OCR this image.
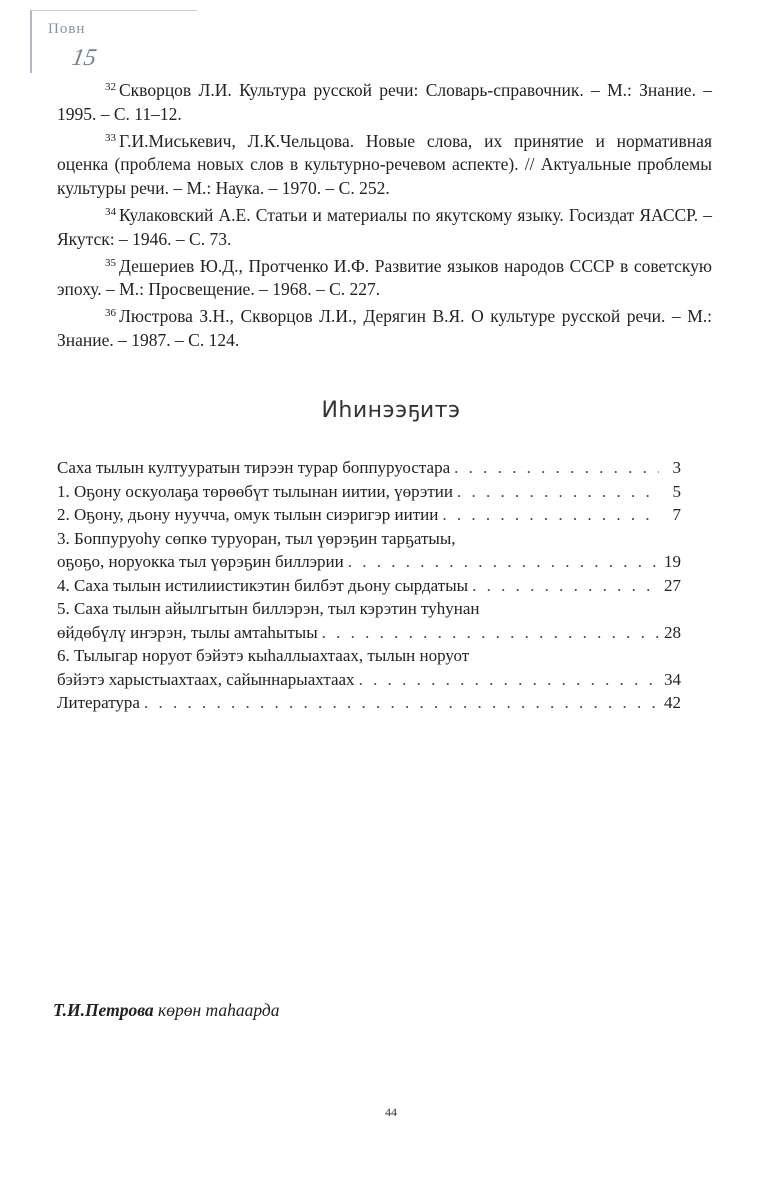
Повн
15

$^{32}$ Скворцов Л.И. Культура русской речи: Словарь-справочник. – М.: Знание. – 1995. – С. 11–12.

$^{33}$ Г.И.Миськевич, Л.К.Чельцова. Новые слова, их принятие и нормативная оценка (проблема новых слов в культурно-речевом аспекте). // Актуальные проблемы культуры речи. – М.: Наука. – 1970. – С. 252.

$^{34}$ Кулаковский А.Е. Статьи и материалы по якутскому языку. Госиздат ЯАССР. – Якутск: – 1946. – С. 73.

$^{35}$ Дешериев Ю.Д., Протченко И.Ф. Развитие языков народов СССР в советскую эпоху. – М.: Просвещение. – 1968. – С. 227.

$^{36}$ Люстрова З.Н., Скворцов Л.И., Дерягин В.Я. О культуре русской речи. – М.: Знание. – 1987. – С. 124.

Иһинээҕитэ
Саха тылын култууратын тирээн турар боппуруостара . . .	3
1. Оҕону оскуолаҕа төрөөбүт тылынан иитии, үөрэтии . . .	5
2. Оҕону, дьону нуучча, омук тылын сиэригэр иитии . . .	7
3. Боппуруоһу сөпкө туруоран, тыл үөрэҕин тарҕатыы,
оҕоҕо, норуокка тыл үөрэҕин биллэрии . . .	19
4. Саха тылын истилиистикэтин билбэт дьону сырдатыы . . .	27
5. Саха тылын айылгытын биллэрэн, тыл кэрэтин туһунан
өйдөбүлү иҥэрэн, тылы амтаһытыы . . .	28
6. Тылыгар норуот бэйэтэ кыһаллыахтаах, тылын норуот
бэйэтэ харыстыахтаах, сайыннарыахтаах . . .	34
Литература . . .	42
Т.И.Петрова көрөн таһаарда
44
